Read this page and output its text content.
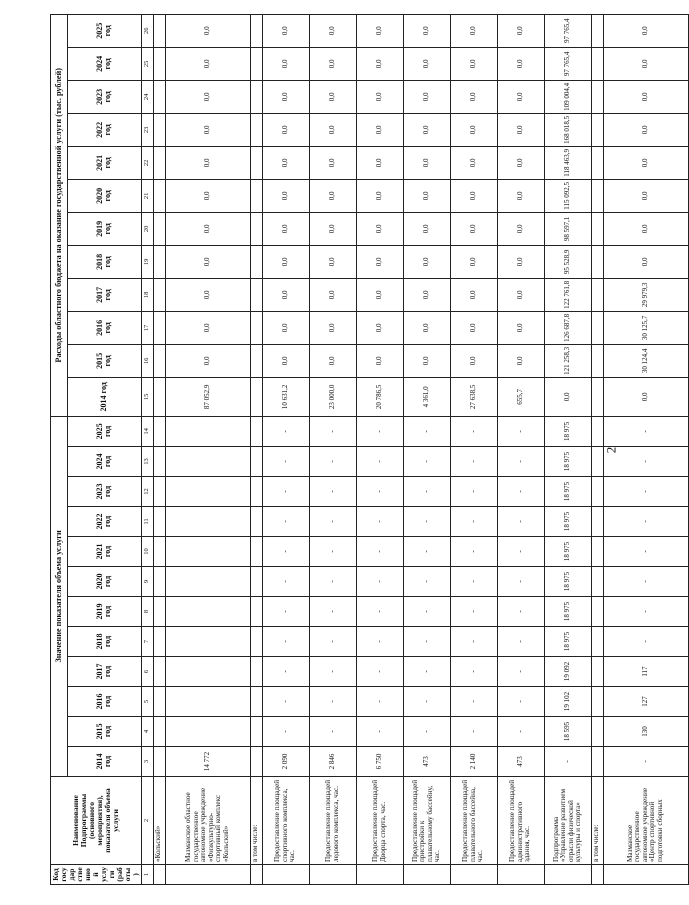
2
Код государственной услуги (работы)	Наименование Подпрограммы (основного мероприятия), показателя объема услуги	Значение показателя объема услуги												Расходы областного бюджета на оказание государственной услуги (тыс. рублей)											
		2014 год	2015 год	2016 год	2017 год	2018 год	2019 год	2020 год	2021 год	2022 год	2023 год	2024 год	2025 год	2014 год	2015 год	2016 год	2017 год	2018 год	2019 год	2020 год	2021 год	2022 год	2023 год	2024 год	2025 год
1	2	3	4	5	6	7	8	9	10	11	12	13	14	15	16	17	18	19	20	21	22	23	24	25	26
	«Кольский»																								
	Мазманское областное государственное автономное учреждение «Физкультурно-спортивный комплекс «Кольский»	14 772												87 052,9	0,0	0,0	0,0	0,0	0,0	0,0	0,0	0,0	0,0	0,0	0,0
	в том числе:																								
	Предоставление площадей спортивного комплекса, час.	2 090	-	-	-	-	-	-	-	-	-	-	-	10 631,2	0,0	0,0	0,0	0,0	0,0	0,0	0,0	0,0	0,0	0,0	0,0
	Предоставление площадей ледового комплекса, час.	2 846	-	-	-	-	-	-	-	-	-	-	-	23 000,0	0,0	0,0	0,0	0,0	0,0	0,0	0,0	0,0	0,0	0,0	0,0
	Предоставление площадей Дворца спорта, час.	6 750	-	-	-	-	-	-	-	-	-	-	-	20 786,5	0,0	0,0	0,0	0,0	0,0	0,0	0,0	0,0	0,0	0,0	0,0
	Предоставление площадей пристройки к плавательному бассейну, час.	473	-	-	-	-	-	-	-	-	-	-	-	4 361,0	0,0	0,0	0,0	0,0	0,0	0,0	0,0	0,0	0,0	0,0	0,0
	Предоставление площадей плавательного бассейна, час.	2 140	-	-	-	-	-	-	-	-	-	-	-	27 638,5	0,0	0,0	0,0	0,0	0,0	0,0	0,0	0,0	0,0	0,0	0,0
	Предоставление площадей административного здания, час.	473	-	-	-	-	-	-	-	-	-	-	-	655,7	0,0	0,0	0,0	0,0	0,0	0,0	0,0	0,0	0,0	0,0	0,0
	Подпрограмма «Управление развитием отрасли физической культуры и спорта»	-	18 595	19 102	19 092	18 975	18 975	18 975	18 975	18 975	18 975	18 975	18 975	0,0	121 258,3	126 687,8	122 761,8	95 528,9	98 597,1	115 092,5	118 463,9	168 018,5	109 004,4	97 765,4	97 765,4
	в том числе:																								
	Мазманское государственное автономное учреждение «Центр спортивной подготовки сборных	-	130	127	117	-	-	-	-	-	-	-	-	0,0	30 124,4	30 125,7	29 979,3	0,0	0,0	0,0	0,0	0,0	0,0	0,0	0,0
